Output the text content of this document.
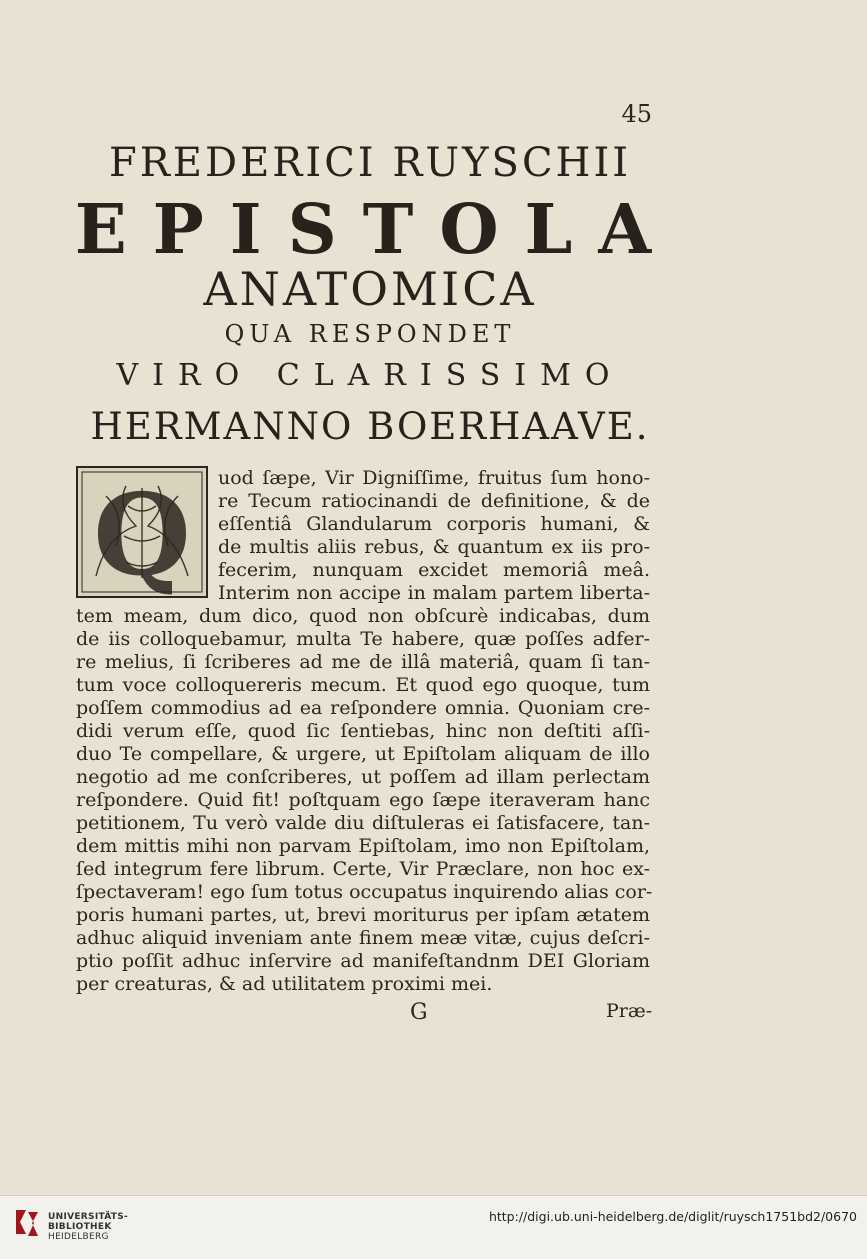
45
FREDERICI RUYSCHII
EPISTOLA
ANATOMICA
QUA RESPONDET
VIRO CLARISSIMO
HERMANNO BOERHAAVE.
Q uod ſæpe, Vir Digniſſime, fruitus ſum hono-
re Tecum ratiocinandi de definitione, & de
eſſentiâ Glandularum corporis humani, &
de multis aliis rebus, & quantum ex iis pro-
fecerim, nunquam excidet memoriâ meâ.
Interim non accipe in malam partem liberta-
tem meam, dum dico, quod non obſcurè indicabas, dum
de iis colloquebamur, multa Te habere, quæ poſſes adfer-
re melius, ſi ſcriberes ad me de illâ materiâ, quam ſi tan-
tum voce colloquereris mecum. Et quod ego quoque, tum
poſſem commodius ad ea reſpondere omnia. Quoniam cre-
didi verum eſſe, quod ſic ſentiebas, hinc non deſtiti aſſi-
duo Te compellare, & urgere, ut Epiſtolam aliquam de illo
negotio ad me conſcriberes, ut poſſem ad illam perlectam
reſpondere. Quid fit! poſtquam ego ſæpe iteraveram hanc
petitionem, Tu verò valde diu diſtuleras ei ſatisfacere, tan-
dem mittis mihi non parvam Epiſtolam, imo non Epiſtolam,
ſed integrum fere librum. Certe, Vir Præclare, non hoc ex-
ſpectaveram! ego ſum totus occupatus inquirendo alias cor-
poris humani partes, ut, brevi moriturus per ipſam ætatem
adhuc aliquid inveniam ante finem meæ vitæ, cujus deſcri-
ptio poſſit adhuc inſervire ad manifeſtandnm DEI Gloriam
per creaturas, & ad utilitatem proximi mei.
G	Præ-
UNIVERSITÄTS-
BIBLIOTHEK
HEIDELBERG
http://digi.ub.uni-heidelberg.de/diglit/ruysch1751bd2/0670
